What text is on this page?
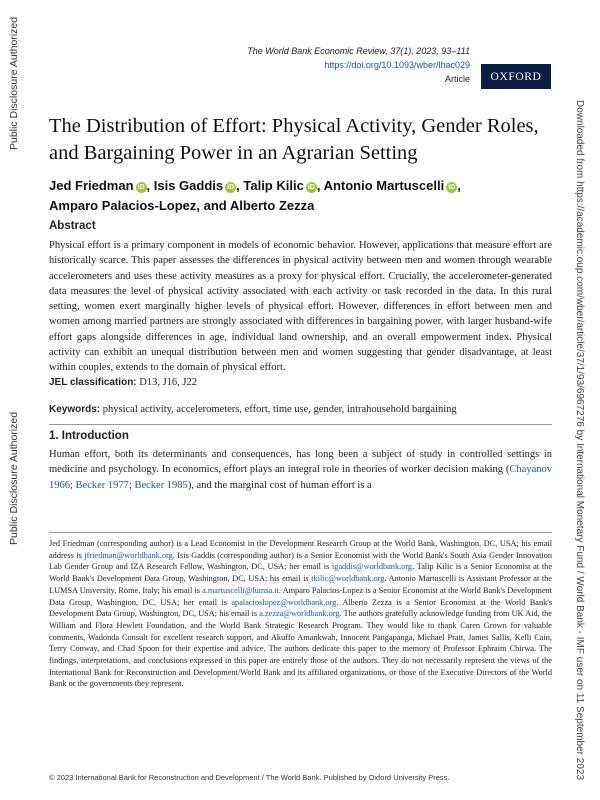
Public Disclosure Authorized
Public Disclosure Authorized	Downloaded from https://academic.oup.com/wber/article/37/1/93/6967276 by International Monetary Fund / World Bank - IMF user on 11 September 2023
The World Bank Economic Review, 37(1), 2023, 93–111
https://doi.org/10.1093/wber/lhac029
Article	OXFORD
The Distribution of Effort: Physical Activity, Gender Roles, and Bargaining Power in an Agrarian Setting
Jed Friedman iD , Isis Gaddis iD , Talip Kilic iD , Antonio Martuscelli iD ,
Amparo Palacios-Lopez, and Alberto Zezza
Abstract

Physical effort is a primary component in models of economic behavior. However, applications that measure effort are historically scarce. This paper assesses the differences in physical activity between men and women through wearable accelerometers and uses these activity measures as a proxy for physical effort. Crucially, the accelerometer-generated data measures the level of physical activity associated with each activity or task recorded in the data. In this rural setting, women exert marginally higher levels of physical effort. However, differences in effort between men and women among married partners are strongly associated with differences in bargaining power, with larger husband-wife effort gaps alongside differences in age, individual land ownership, and an overall empowerment index. Physical activity can exhibit an unequal distribution between men and women suggesting that gender disadvantage, at least within couples, extends to the domain of physical effort.

JEL classification: D13, J16, J22
Keywords: physical activity, accelerometers, effort, time use, gender, intrahousehold bargaining
1. Introduction

Human effort, both its determinants and consequences, has long been a subject of study in controlled settings in medicine and psychology. In economics, effort plays an integral role in theories of worker decision making (Chayanov 1966; Becker 1977; Becker 1985), and the marginal cost of human effort is a

Jed Friedman (corresponding author) is a Lead Economist in the Development Research Group at the World Bank, Washington, DC, USA; his email address is jfriedman@worldbank.org. Isis Gaddis (corresponding author) is a Senior Economist with the World Bank's South Asia Gender Innovation Lab Gender Group and IZA Research Fellow, Washington, DC, USA; her email is igaddis@worldbank.org. Talip Kilic is a Senior Economist at the World Bank's Development Data Group, Washington, DC, USA; his email is tkilic@worldbank.org. Antonio Martuscelli is Assistant Professor at the LUMSA University, Rome, Italy; his email is a.martuscelli@lumsa.it. Amparo Palacios-Lopez is a Senior Economist at the World Bank's Development Data Group, Washington, DC, USA; her email is apalacioslopez@worldbank.org. Alberto Zezza is a Senior Economist at the World Bank's Development Data Group, Washington, DC, USA; his email is a.zezza@worldbank.org. The authors gratefully acknowledge funding from UK Aid, the William and Flora Hewlett Foundation, and the World Bank Strategic Research Program. They would like to thank Caren Grown for valuable comments, Wadonda Consult for excellent research support, and Akuffo Amankwah, Innocent Pangapanga, Michael Pratt, James Sallis, Kelli Cain, Terry Conway, and Chad Spoon for their expertise and advice. The authors dedicate this paper to the memory of Professor Ephraim Chirwa. The findings, interpretations, and conclusions expressed in this paper are entirely those of the authors. They do not necessarily represent the views of the International Bank for Reconstruction and Development/World Bank and its affiliated organizations, or those of the Executive Directors of the World Bank or the governments they represent.

© 2023 International Bank for Reconstruction and Development / The World Bank. Published by Oxford University Press.
